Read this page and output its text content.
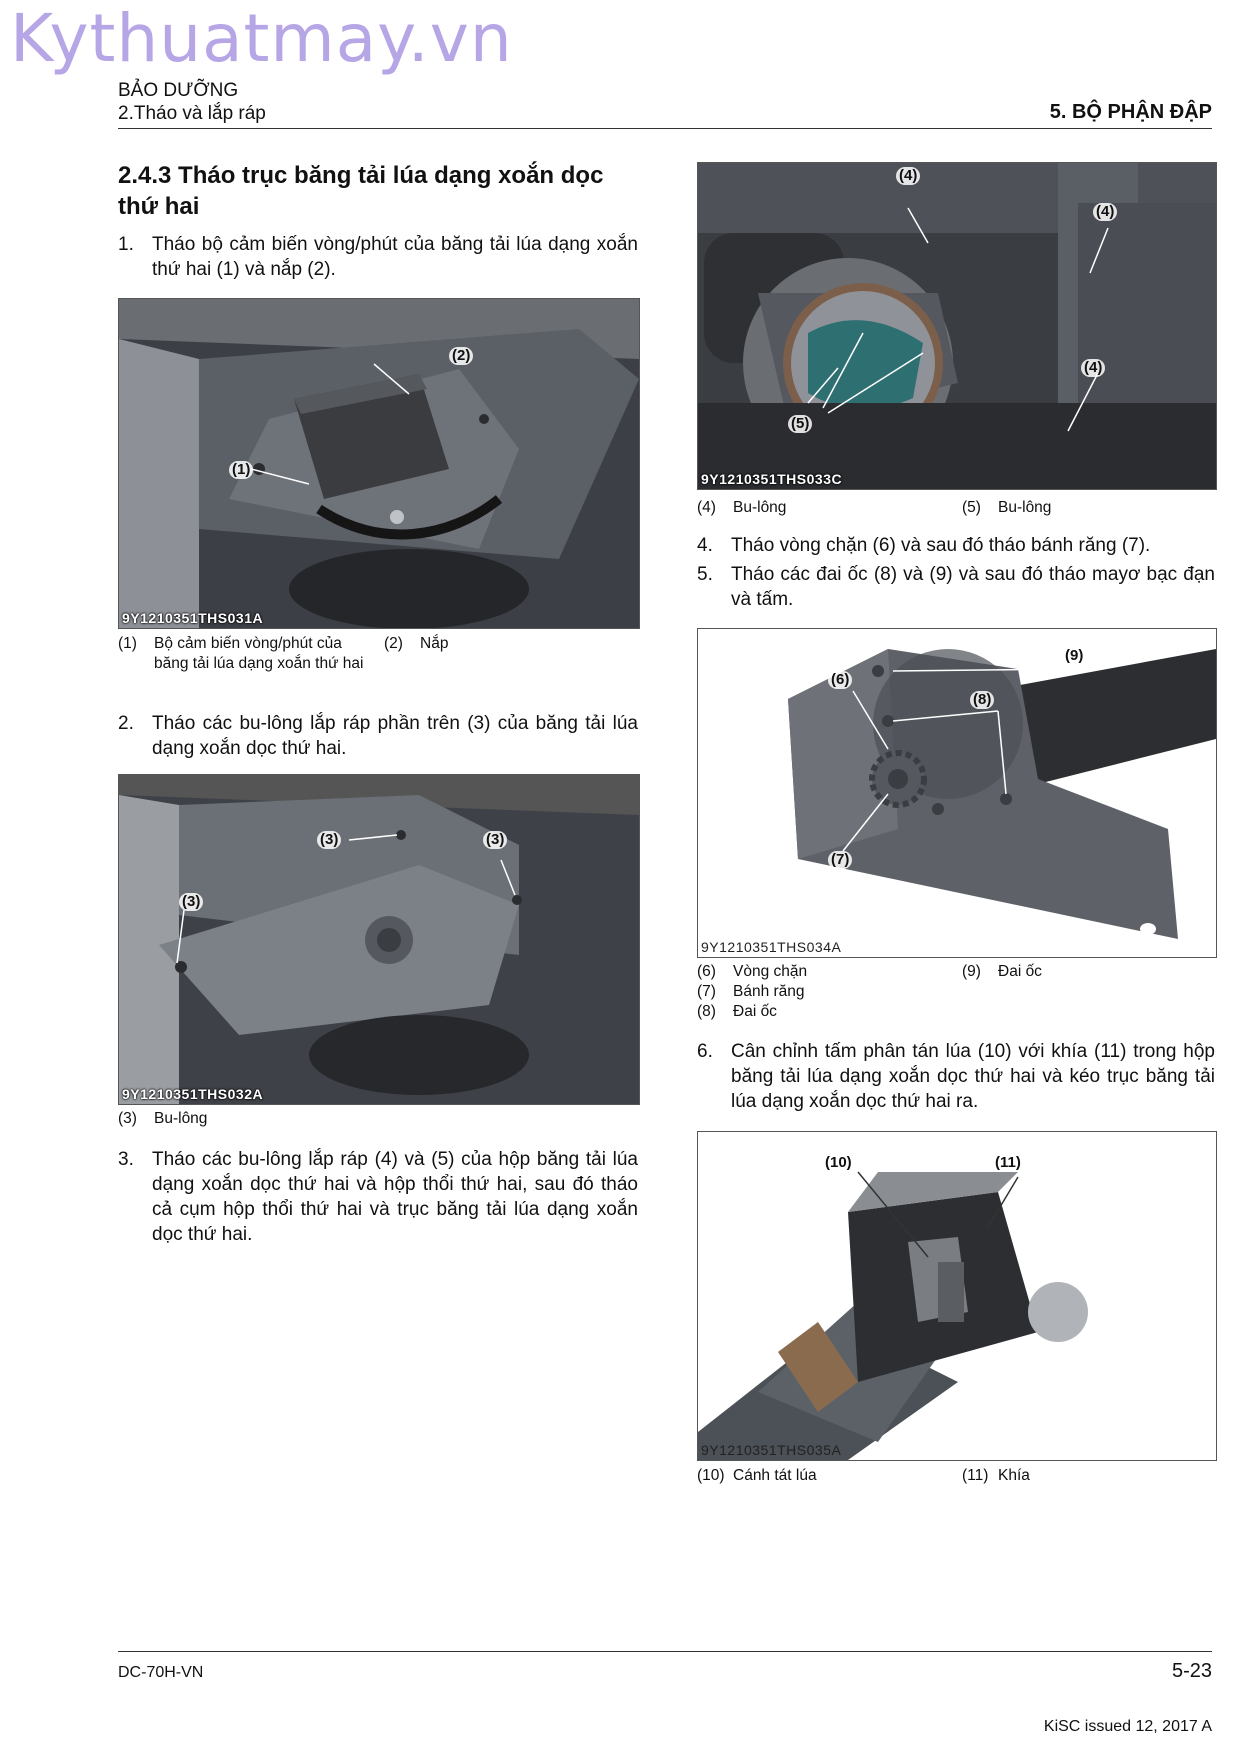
Kythuatmay.vn
BẢO DƯỠNG
2.Tháo và lắp ráp	5. BỘ PHẬN ĐẬP
2.4.3 Tháo trục băng tải lúa dạng xoắn dọc thứ hai
1. Tháo bộ cảm biến vòng/phút của băng tải lúa dạng xoắn thứ hai (1) và nắp (2).
(2)
(1)
9Y1210351THS031A
(1) Bộ cảm biến vòng/phút của băng tải lúa dạng xoắn thứ hai
(2) Nắp
2. Tháo các bu-lông lắp ráp phần trên (3) của băng tải lúa dạng xoắn dọc thứ hai.
(3)	(3)
(3)
9Y1210351THS032A
(3) Bu-lông
3. Tháo các bu-lông lắp ráp (4) và (5) của hộp băng tải lúa dạng xoắn dọc thứ hai và hộp thổi thứ hai, sau đó tháo cả cụm hộp thổi thứ hai và trục băng tải lúa dạng xoắn dọc thứ hai.
(4)
(4)
(4)
(5)
9Y1210351THS033C
(4) Bu-lông	(5) Bu-lông
4. Tháo vòng chặn (6) và sau đó tháo bánh răng (7).
5. Tháo các đai ốc (8) và (9) và sau đó tháo mayơ bạc đạn và tấm.
(6)
(9)
(8)
(7)
9Y1210351THS034A
(6) Vòng chặn
(7) Bánh răng
(8) Đai ốc
(9) Đai ốc
6. Cân chỉnh tấm phân tán lúa (10) với khía (11) trong hộp băng tải lúa dạng xoắn dọc thứ hai và kéo trục băng tải lúa dạng xoắn dọc thứ hai ra.
(10)	(11)
9Y1210351THS035A
(10) Cánh tát lúa	(11) Khía
DC-70H-VN	5-23
KiSC issued 12, 2017 A
